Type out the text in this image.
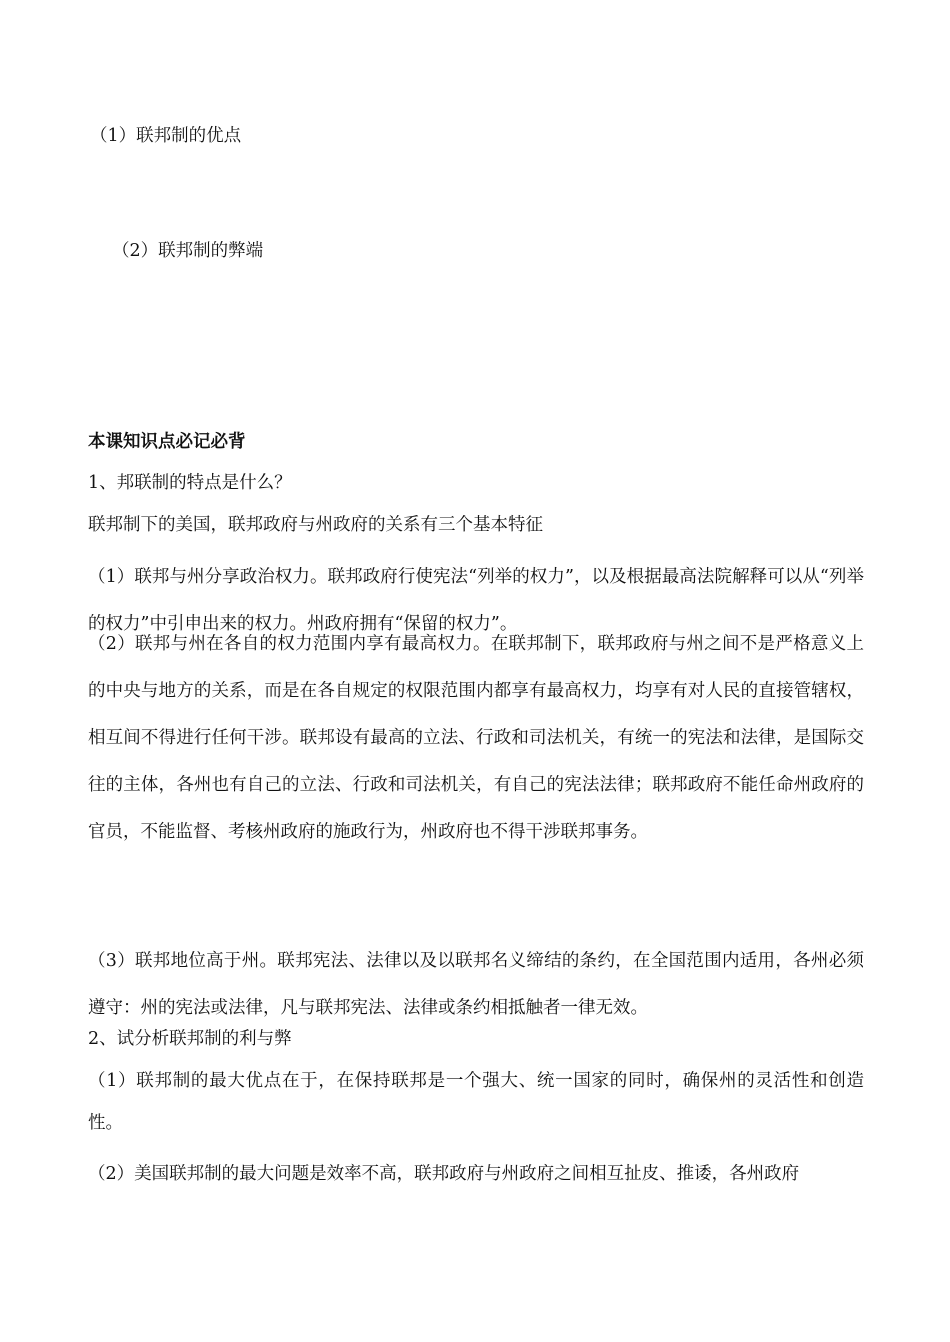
（1）联邦制的优点

（2）联邦制的弊端

本课知识点必记必背

1、邦联制的特点是什么？

联邦制下的美国，联邦政府与州政府的关系有三个基本特征

（1）联邦与州分享政治权力。联邦政府行使宪法“列举的权力”，以及根据最高法院解释可以从“列举的权力”中引申出来的权力。州政府拥有“保留的权力”。

（2）联邦与州在各自的权力范围内享有最高权力。在联邦制下，联邦政府与州之间不是严格意义上的中央与地方的关系，而是在各自规定的权限范围内都享有最高权力，均享有对人民的直接管辖权，相互间不得进行任何干涉。联邦设有最高的立法、行政和司法机关，有统一的宪法和法律，是国际交往的主体，各州也有自己的立法、行政和司法机关，有自己的宪法法律；联邦政府不能任命州政府的官员，不能监督、考核州政府的施政行为，州政府也不得干涉联邦事务。

（3）联邦地位高于州。联邦宪法、法律以及以联邦名义缔结的条约，在全国范围内适用，各州必须遵守：州的宪法或法律，凡与联邦宪法、法律或条约相抵触者一律无效。

2、试分析联邦制的利与弊

（1）联邦制的最大优点在于，在保持联邦是一个强大、统一国家的同时，确保州的灵活性和创造性。

（2）美国联邦制的最大问题是效率不高，联邦政府与州政府之间相互扯皮、推诿，各州政府
